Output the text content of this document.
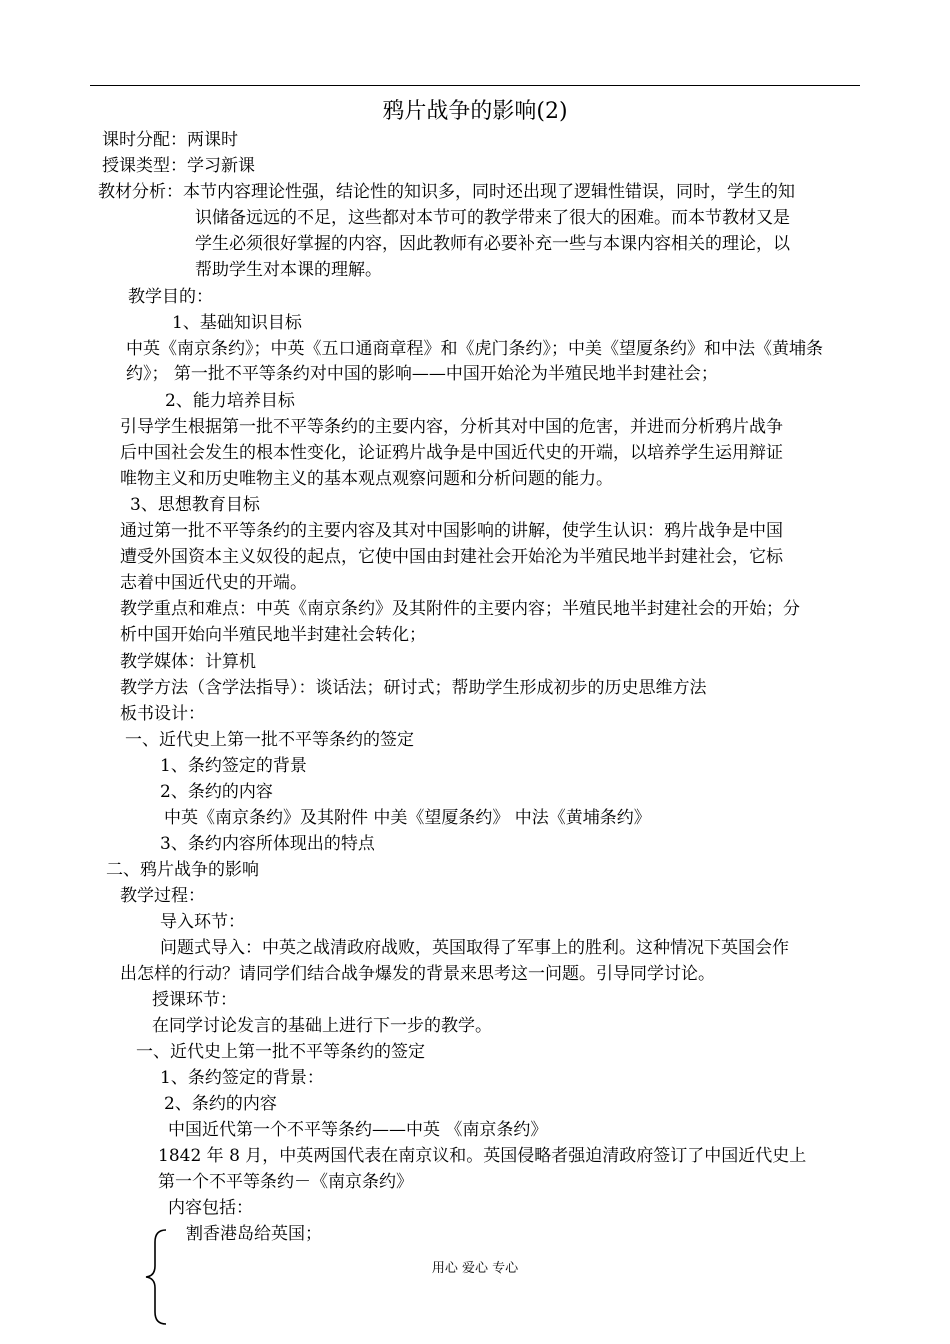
鸦片战争的影响(2)
课时分配：两课时
授课类型：学习新课
教材分析：本节内容理论性强，结论性的知识多，同时还出现了逻辑性错误，同时，学生的知
识储备远远的不足，这些都对本节可的教学带来了很大的困难。而本节教材又是
学生必须很好掌握的内容，因此教师有必要补充一些与本课内容相关的理论，以
帮助学生对本课的理解。
教学目的：
1、基础知识目标
中英《南京条约》；中英《五口通商章程》和《虎门条约》；中美《望厦条约》和中法《黄埔条
约》； 第一批不平等条约对中国的影响——中国开始沦为半殖民地半封建社会；
2、能力培养目标
引导学生根据第一批不平等条约的主要内容，分析其对中国的危害，并进而分析鸦片战争
后中国社会发生的根本性变化，论证鸦片战争是中国近代史的开端，以培养学生运用辩证
唯物主义和历史唯物主义的基本观点观察问题和分析问题的能力。
3、思想教育目标
通过第一批不平等条约的主要内容及其对中国影响的讲解，使学生认识：鸦片战争是中国
遭受外国资本主义奴役的起点，它使中国由封建社会开始沦为半殖民地半封建社会，它标
志着中国近代史的开端。
教学重点和难点：中英《南京条约》及其附件的主要内容；半殖民地半封建社会的开始；分
析中国开始向半殖民地半封建社会转化；
教学媒体：计算机
教学方法（含学法指导）：谈话法；研讨式；帮助学生形成初步的历史思维方法
板书设计：
一、近代史上第一批不平等条约的签定
1、条约签定的背景
2、条约的内容
中英《南京条约》及其附件 中美《望厦条约》 中法《黄埔条约》
3、条约内容所体现出的特点
二、鸦片战争的影响
教学过程：
导入环节：
问题式导入：中英之战清政府战败，英国取得了军事上的胜利。这种情况下英国会作
出怎样的行动？请同学们结合战争爆发的背景来思考这一问题。引导同学讨论。
授课环节：
在同学讨论发言的基础上进行下一步的教学。
一、近代史上第一批不平等条约的签定
1、条约签定的背景：
2、条约的内容
中国近代第一个不平等条约——中英 《南京条约》
1842 年 8 月，中英两国代表在南京议和。英国侵略者强迫清政府签订了中国近代史上
第一个不平等条约－《南京条约》
内容包括：
割香港岛给英国；
用心 爱心 专心
